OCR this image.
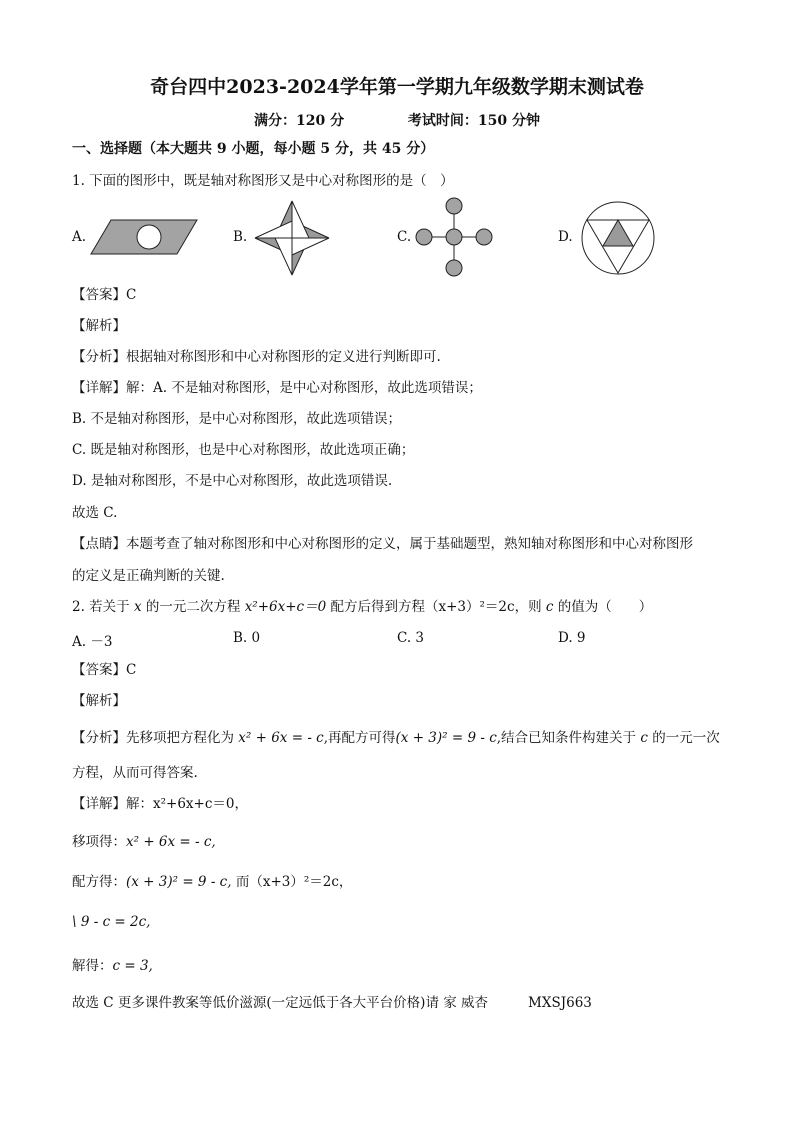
奇台四中2023-2024学年第一学期九年级数学期末测试卷
满分：120 分	考试时间：150 分钟
一、选择题（本大题共 9 小题，每小题 5 分，共 45 分）
1. 下面的图形中，既是轴对称图形又是中心对称图形的是（　）
A.	B.	C.	D.
【答案】C
【解析】
【分析】根据轴对称图形和中心对称图形的定义进行判断即可.
【详解】解：A. 不是轴对称图形，是中心对称图形，故此选项错误；
B. 不是轴对称图形，是中心对称图形，故此选项错误；
C. 既是轴对称图形，也是中心对称图形，故此选项正确；
D. 是轴对称图形，不是中心对称图形，故此选项错误.
故选 C.
【点睛】本题考查了轴对称图形和中心对称图形的定义，属于基础题型，熟知轴对称图形和中心对称图形
的定义是正确判断的关键.
2. 若关于 x 的一元二次方程 x²+6x+c＝0 配方后得到方程（x+3）²＝2c，则 c 的值为（　　）
A. －3	B. 0	C. 3	D. 9
【答案】C
【解析】
【分析】先移项把方程化为 x² + 6x = - c,再配方可得(x + 3)² = 9 - c,结合已知条件构建关于 c 的一元一次
方程，从而可得答案.
【详解】解：x²+6x+c＝0，
移项得：x² + 6x = - c,
配方得：(x + 3)² = 9 - c, 而（x+3）²＝2c，
\ 9 - c = 2c,
解得：c = 3,
故选 C 更多课件教案等低价滋源(一定远低于各大平台价格)请 家 威杏	MXSJ663
